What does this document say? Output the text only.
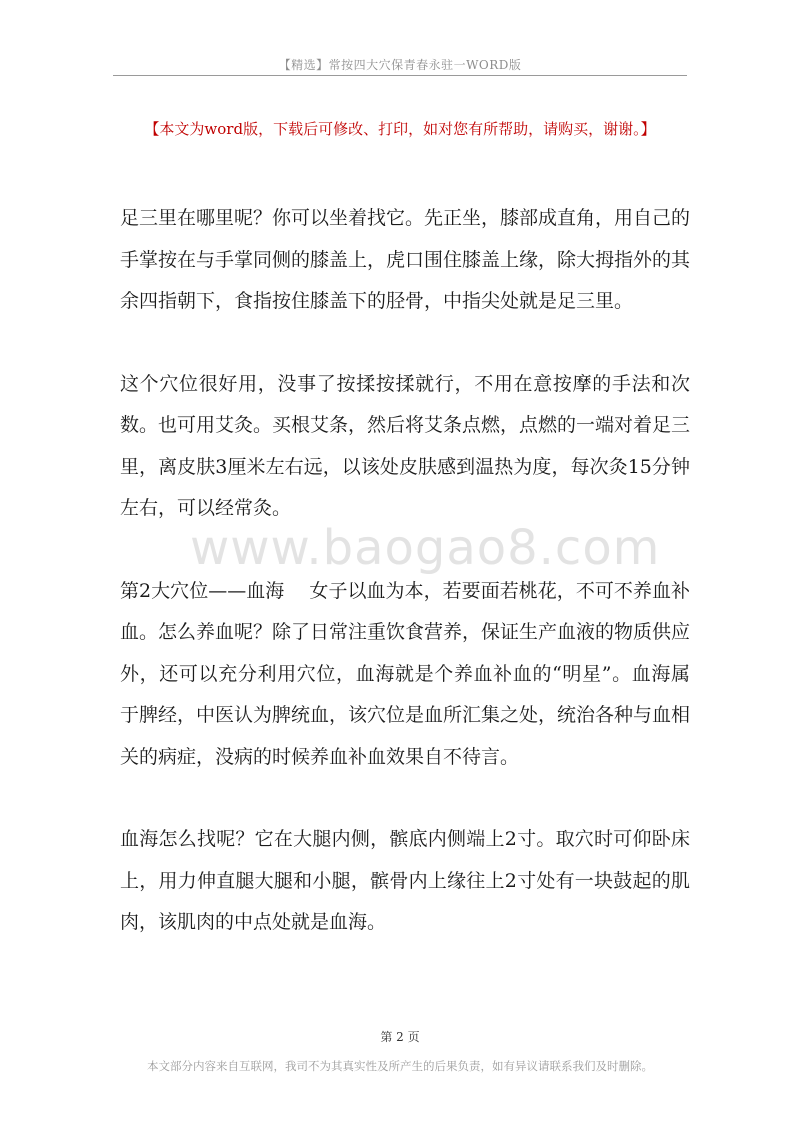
【精选】常按四大穴保青春永驻一WORD版
【本文为word版，下载后可修改、打印，如对您有所帮助，请购买，谢谢。】
www.baogao8.com

足三里在哪里呢？你可以坐着找它。先正坐，膝部成直角，用自己的手掌按在与手掌同侧的膝盖上，虎口围住膝盖上缘，除大拇指外的其余四指朝下，食指按住膝盖下的胫骨，中指尖处就是足三里。

这个穴位很好用，没事了按揉按揉就行，不用在意按摩的手法和次数。也可用艾灸。买根艾条，然后将艾条点燃，点燃的一端对着足三里，离皮肤3厘米左右远，以该处皮肤感到温热为度，每次灸15分钟左右，可以经常灸。

第2大穴位——血海　 女子以血为本，若要面若桃花，不可不养血补血。怎么养血呢？除了日常注重饮食营养，保证生产血液的物质供应外，还可以充分利用穴位，血海就是个养血补血的“明星”。血海属于脾经，中医认为脾统血，该穴位是血所汇集之处，统治各种与血相关的病症，没病的时候养血补血效果自不待言。

血海怎么找呢？它在大腿内侧，髌底内侧端上2寸。取穴时可仰卧床上，用力伸直腿大腿和小腿，髌骨内上缘往上2寸处有一块鼓起的肌肉，该肌肉的中点处就是血海。

第 2 页
本文部分内容来自互联网，我司不为其真实性及所产生的后果负责，如有异议请联系我们及时删除。
